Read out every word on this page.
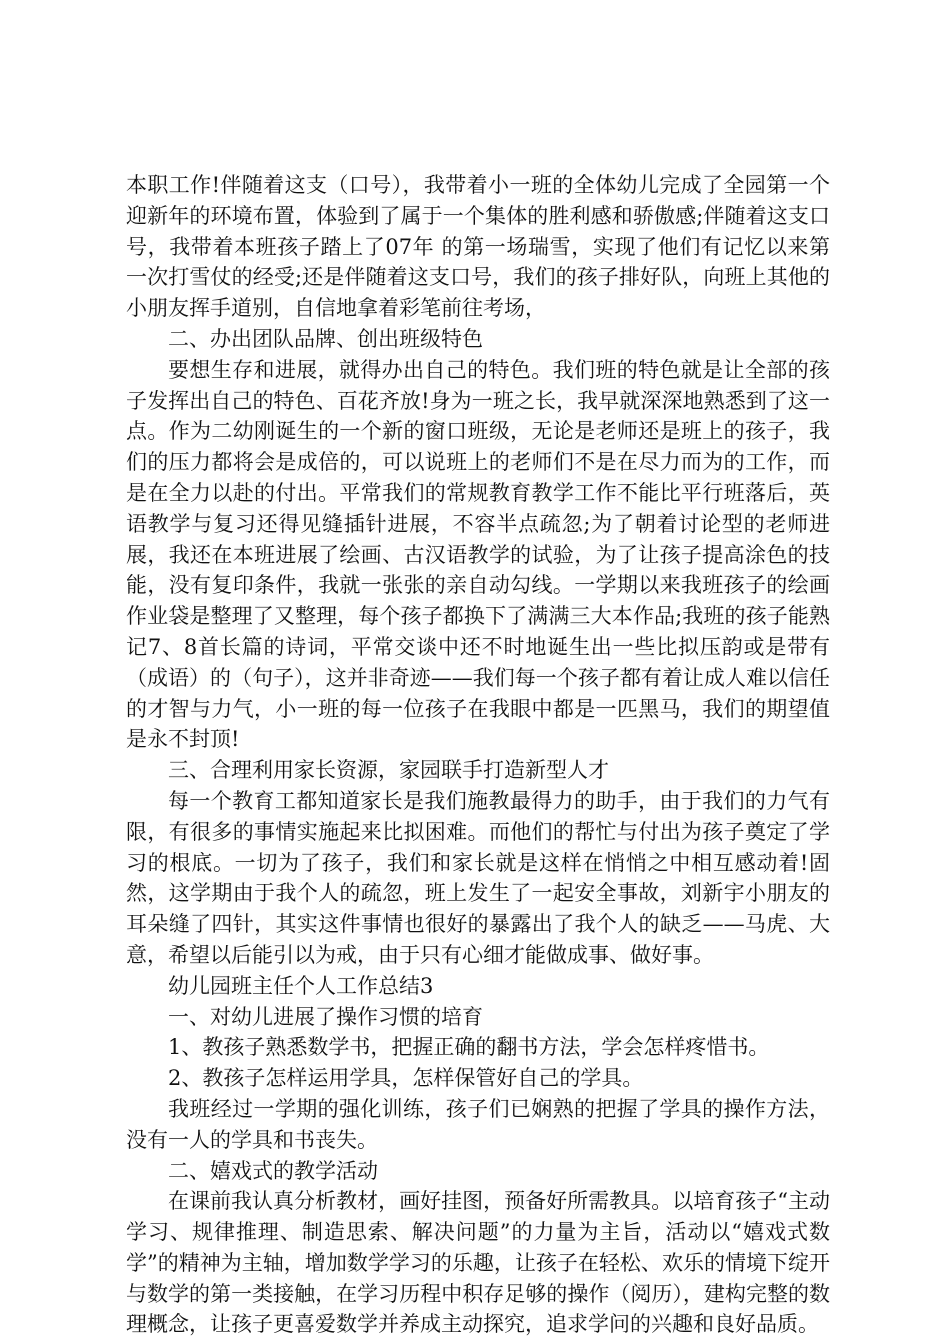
本职工作!伴随着这支（口号），我带着小一班的全体幼儿完成了全园第一个迎新年的环境布置，体验到了属于一个集体的胜利感和骄傲感;伴随着这支口号，我带着本班孩子踏上了07年 的第一场瑞雪，实现了他们有记忆以来第一次打雪仗的经受;还是伴随着这支口号，我们的孩子排好队，向班上其他的小朋友挥手道别，自信地拿着彩笔前往考场，

二、办出团队品牌、创出班级特色

要想生存和进展，就得办出自己的特色。我们班的特色就是让全部的孩子发挥出自己的特色、百花齐放!身为一班之长，我早就深深地熟悉到了这一点。作为二幼刚诞生的一个新的窗口班级，无论是老师还是班上的孩子，我们的压力都将会是成倍的，可以说班上的老师们不是在尽力而为的工作，而是在全力以赴的付出。平常我们的常规教育教学工作不能比平行班落后，英语教学与复习还得见缝插针进展，不容半点疏忽;为了朝着讨论型的老师进展，我还在本班进展了绘画、古汉语教学的试验，为了让孩子提高涂色的技能，没有复印条件，我就一张张的亲自动勾线。一学期以来我班孩子的绘画作业袋是整理了又整理，每个孩子都换下了满满三大本作品;我班的孩子能熟记7、8首长篇的诗词，平常交谈中还不时地诞生出一些比拟压韵或是带有（成语）的（句子），这并非奇迹——我们每一个孩子都有着让成人难以信任的才智与力气，小一班的每一位孩子在我眼中都是一匹黑马，我们的期望值是永不封顶!

三、合理利用家长资源，家园联手打造新型人才

每一个教育工都知道家长是我们施教最得力的助手，由于我们的力气有限，有很多的事情实施起来比拟困难。而他们的帮忙与付出为孩子奠定了学习的根底。一切为了孩子，我们和家长就是这样在悄悄之中相互感动着!固然，这学期由于我个人的疏忽，班上发生了一起安全事故，刘新宇小朋友的耳朵缝了四针，其实这件事情也很好的暴露出了我个人的缺乏——马虎、大意，希望以后能引以为戒，由于只有心细才能做成事、做好事。

幼儿园班主任个人工作总结3

一、对幼儿进展了操作习惯的培育

1、教孩子熟悉数学书，把握正确的翻书方法，学会怎样疼惜书。

2、教孩子怎样运用学具，怎样保管好自己的学具。

我班经过一学期的强化训练，孩子们已娴熟的把握了学具的操作方法，没有一人的学具和书丧失。

二、嬉戏式的教学活动

在课前我认真分析教材，画好挂图，预备好所需教具。以培育孩子“主动学习、规律推理、制造思索、解决问题”的力量为主旨，活动以“嬉戏式数学”的精神为主轴，增加数学学习的乐趣，让孩子在轻松、欢乐的情境下绽开与数学的第一类接触，在学习历程中积存足够的操作（阅历），建构完整的数理概念，让孩子更喜爱数学并养成主动探究，追求学问的兴趣和良好品质。
